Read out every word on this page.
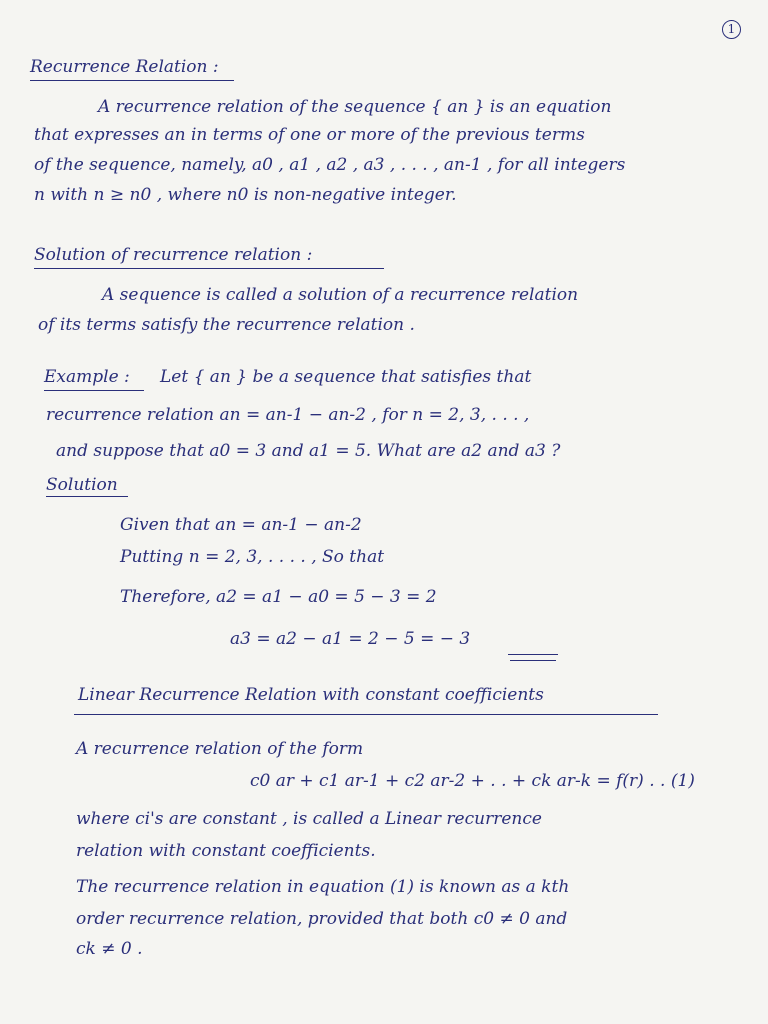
1
Recurrence Relation :
A recurrence relation of the sequence { an } is an equation
that expresses an in terms of one or more of the previous terms
of the sequence, namely, a0 , a1 , a2 , a3 , . . . , an-1 , for all integers
n with n ≥ n0 , where n0 is non-negative integer.
Solution of recurrence relation :
A sequence is called a solution of a recurrence relation
of its terms satisfy the recurrence relation .
Example : Let { an } be a sequence that satisfies that
recurrence relation an = an-1 − an-2 , for n = 2, 3, . . . ,
and suppose that a0 = 3 and a1 = 5. What are a2 and a3 ?
Solution
Given that an = an-1 − an-2
Putting n = 2, 3, . . . . , So that
Therefore, a2 = a1 − a0 = 5 − 3 = 2
a3 = a2 − a1 = 2 − 5 = − 3
Linear Recurrence Relation with constant coefficients
A recurrence relation of the form
c0 ar + c1 ar-1 + c2 ar-2 + . . + ck ar-k = f(r) . . (1)
where ci's are constant , is called a Linear recurrence
relation with constant coefficients.
The recurrence relation in equation (1) is known as a kth
order recurrence relation, provided that both c0 ≠ 0 and
ck ≠ 0 .
